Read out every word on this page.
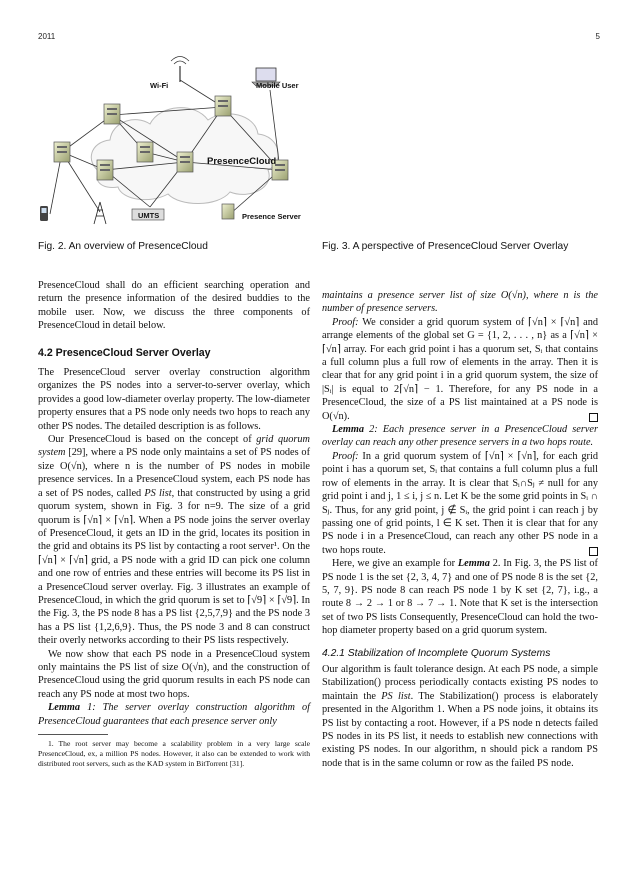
2011	5
Wi-Fi	Mobile User
PresenceCloud
UMTS	Presence Server
Fig. 2. An overview of PresenceCloud	Fig. 3. A perspective of PresenceCloud Server Overlay

PresenceCloud shall do an efficient searching operation and return the presence information of the desired buddies to the mobile user. Now, we discuss the three components of PresenceCloud in detail below.

4.2 PresenceCloud Server Overlay

The PresenceCloud server overlay construction algorithm organizes the PS nodes into a server-to-server overlay, which provides a good low-diameter overlay property. The low-diameter property ensures that a PS node only needs two hops to reach any other PS nodes. The detailed description is as follows.

Our PresenceCloud is based on the concept of grid quorum system [29], where a PS node only maintains a set of PS nodes of size O(√n), where n is the number of PS nodes in mobile presence services. In a PresenceCloud system, each PS node has a set of PS nodes, called PS list, that constructed by using a grid quorum system, shown in Fig. 3 for n=9. The size of a grid quorum is ⌈√n⌉ × ⌈√n⌉. When a PS node joins the server overlay of PresenceCloud, it gets an ID in the grid, locates its position in the grid and obtains its PS list by contacting a root server¹. On the ⌈√n⌉ × ⌈√n⌉ grid, a PS node with a grid ID can pick one column and one row of entries and these entries will become its PS list in a PresenceCloud server overlay. Fig. 3 illustrates an example of PresenceCloud, in which the grid quorum is set to ⌈√9⌉ × ⌈√9⌉. In the Fig. 3, the PS node 8 has a PS list {2,5,7,9} and the PS node 3 has a PS list {1,2,6,9}. Thus, the PS node 3 and 8 can construct their overly networks according to their PS lists respectively.

We now show that each PS node in a PresenceCloud system only maintains the PS list of size O(√n), and the construction of PresenceCloud using the grid quorum results in each PS node can reach any PS node at most two hops.

Lemma 1: The server overlay construction algorithm of PresenceCloud guarantees that each presence server only

1. The root server may become a scalability problem in a very large scale PresenceCloud, ex, a million PS nodes. However, it also can be extended to work with distributed root servers, such as the KAD system in BitTorrent [31].

maintains a presence server list of size O(√n), where n is the number of presence servers.

Proof: We consider a grid quorum system of ⌈√n⌉ × ⌈√n⌉ and arrange elements of the global set G = {1, 2, . . . , n} as a ⌈√n⌉ × ⌈√n⌉ array. For each grid point i has a quorum set, Sᵢ that contains a full column plus a full row of elements in the array. Then it is clear that for any grid point i in a grid quorum system, the size of |Sᵢ| is equal to 2⌈√n⌉ − 1. Therefore, for any PS node in a PresenceCloud, the size of a PS list maintained at a PS node is O(√n).

Lemma 2: Each presence server in a PresenceCloud server overlay can reach any other presence servers in a two hops route.

Proof: In a grid quorum system of ⌈√n⌉ × ⌈√n⌉, for each grid point i has a quorum set, Sᵢ that contains a full column plus a full row of elements in the array. It is clear that Sᵢ∩Sⱼ ≠ null for any grid point i and j, 1 ≤ i, j ≤ n. Let K be the some grid points in Sᵢ ∩ Sⱼ. Thus, for any grid point, j ∉ Sᵢ, the grid point i can reach j by passing one of grid points, l ∈ K set. Then it is clear that for any PS node i in a PresenceCloud, can reach any other PS node in a two hops route.

Here, we give an example for Lemma 2. In Fig. 3, the PS list of PS node 1 is the set {2, 3, 4, 7} and one of PS node 8 is the set {2, 5, 7, 9}. PS node 8 can reach PS node 1 by K set {2, 7}, i.g., a route 8 → 2 → 1 or 8 → 7 → 1. Note that K set is the intersection set of two PS lists Consequently, PresenceCloud can hold the two-hop diameter property based on a grid quorum system.

4.2.1 Stabilization of Incomplete Quorum Systems

Our algorithm is fault tolerance design. At each PS node, a simple Stabilization() process periodically contacts existing PS nodes to maintain the PS list. The Stabilization() process is elaborately presented in the Algorithm 1. When a PS node joins, it obtains its PS list by contacting a root. However, if a PS node n detects failed PS nodes in its PS list, it needs to establish new connections with existing PS nodes. In our algorithm, n should pick a random PS node that is in the same column or row as the failed PS node.
